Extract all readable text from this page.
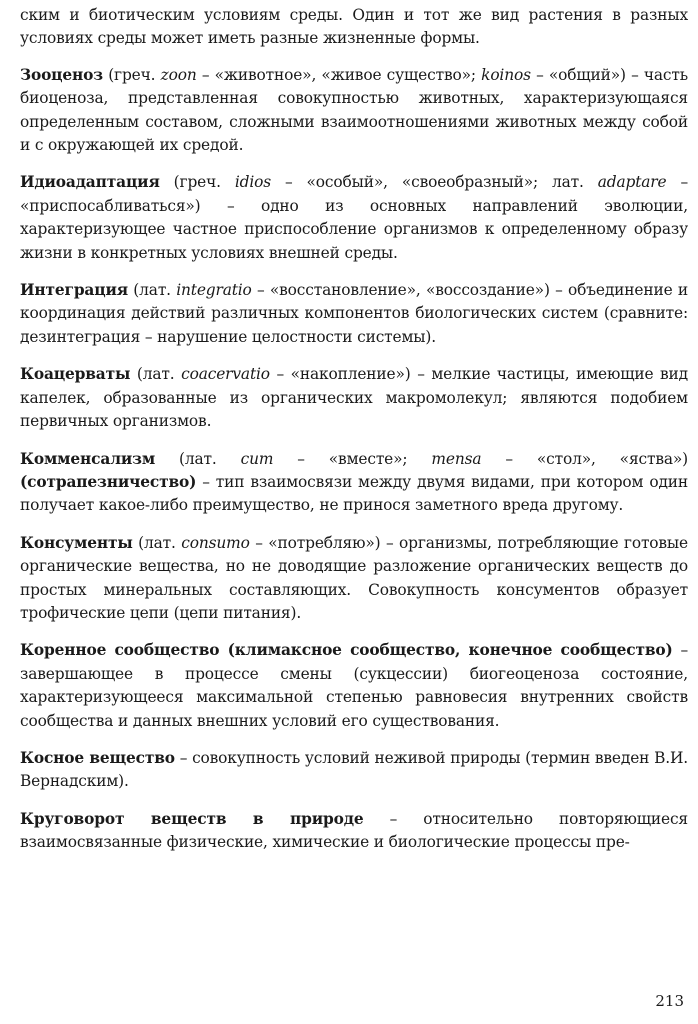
ским и биотическим условиям среды. Один и тот же вид растения в разных условиях среды может иметь разные жизненные формы.

Зооценоз (греч. zoon – «животное», «живое существо»; koinos – «общий») – часть биоценоза, представленная совокупностью животных, характеризующаяся определенным составом, сложными взаимоотношениями животных между собой и с окружающей их средой.

Идиоадаптация (греч. idios – «особый», «своеобразный»; лат. adaptare – «приспосабливаться») – одно из основных направлений эволюции, характеризующее частное приспособление организмов к определенному образу жизни в конкретных условиях внешней среды.

Интеграция (лат. integratio – «восстановление», «воссоздание») – объединение и координация действий различных компонентов биологических систем (сравните: дезинтеграция – нарушение целостности системы).

Коацерваты (лат. coacervatio – «накопление») – мелкие частицы, имеющие вид капелек, образованные из органических макромолекул; являются подобием первичных организмов.

Комменсализм (лат. cum – «вместе»; mensa – «стол», «яства») (сотрапезничество) – тип взаимосвязи между двумя видами, при котором один получает какое-либо преимущество, не принося заметного вреда другому.

Консументы (лат. consumo – «потребляю») – организмы, потребляющие готовые органические вещества, но не доводящие разложение органических веществ до простых минеральных составляющих. Совокупность консументов образует трофические цепи (цепи питания).

Коренное сообщество (климаксное сообщество, конечное сообщество) – завершающее в процессе смены (сукцессии) биогеоценоза состояние, характеризующееся максимальной степенью равновесия внутренних свойств сообщества и данных внешних условий его существования.

Косное вещество – совокупность условий неживой природы (термин введен В.И. Вернадским).

Круговорот веществ в природе – относительно повторяющиеся взаимосвязанные физические, химические и биологические процессы пре-

213
